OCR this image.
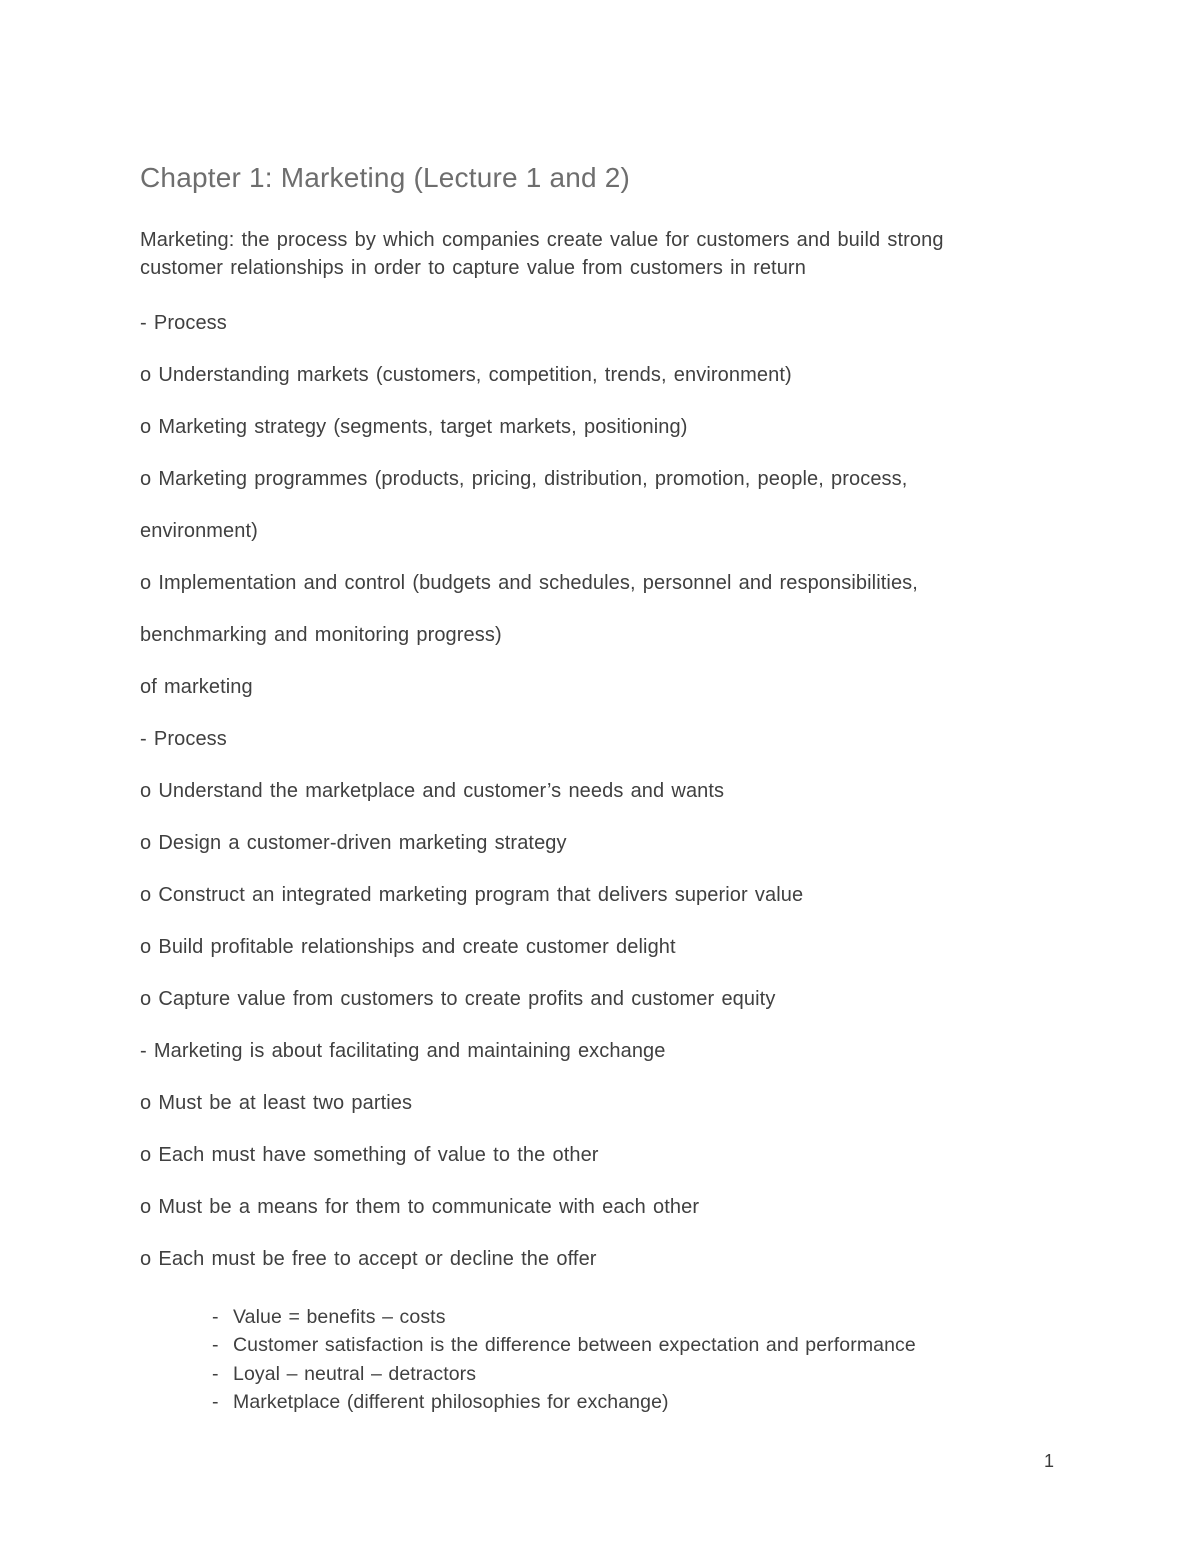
Chapter 1: Marketing (Lecture 1 and 2)

Marketing: the process by which companies create value for customers and build strong customer relationships in order to capture value from customers in return

- Process

o Understanding markets (customers, competition, trends, environment)

o Marketing strategy (segments, target markets, positioning)

o Marketing programmes (products, pricing, distribution, promotion, people, process,

environment)

o Implementation and control (budgets and schedules, personnel and responsibilities,

benchmarking and monitoring progress)

of marketing

- Process

o Understand the marketplace and customer’s needs and wants

o Design a customer-driven marketing strategy

o Construct an integrated marketing program that delivers superior value

o Build profitable relationships and create customer delight

o Capture value from customers to create profits and customer equity

- Marketing is about facilitating and maintaining exchange

o Must be at least two parties

o Each must have something of value to the other

o Must be a means for them to communicate with each other

o Each must be free to accept or decline the offer

- Value = benefits – costs
- Customer satisfaction is the difference between expectation and performance
- Loyal – neutral – detractors
- Marketplace (different philosophies for exchange)
1
